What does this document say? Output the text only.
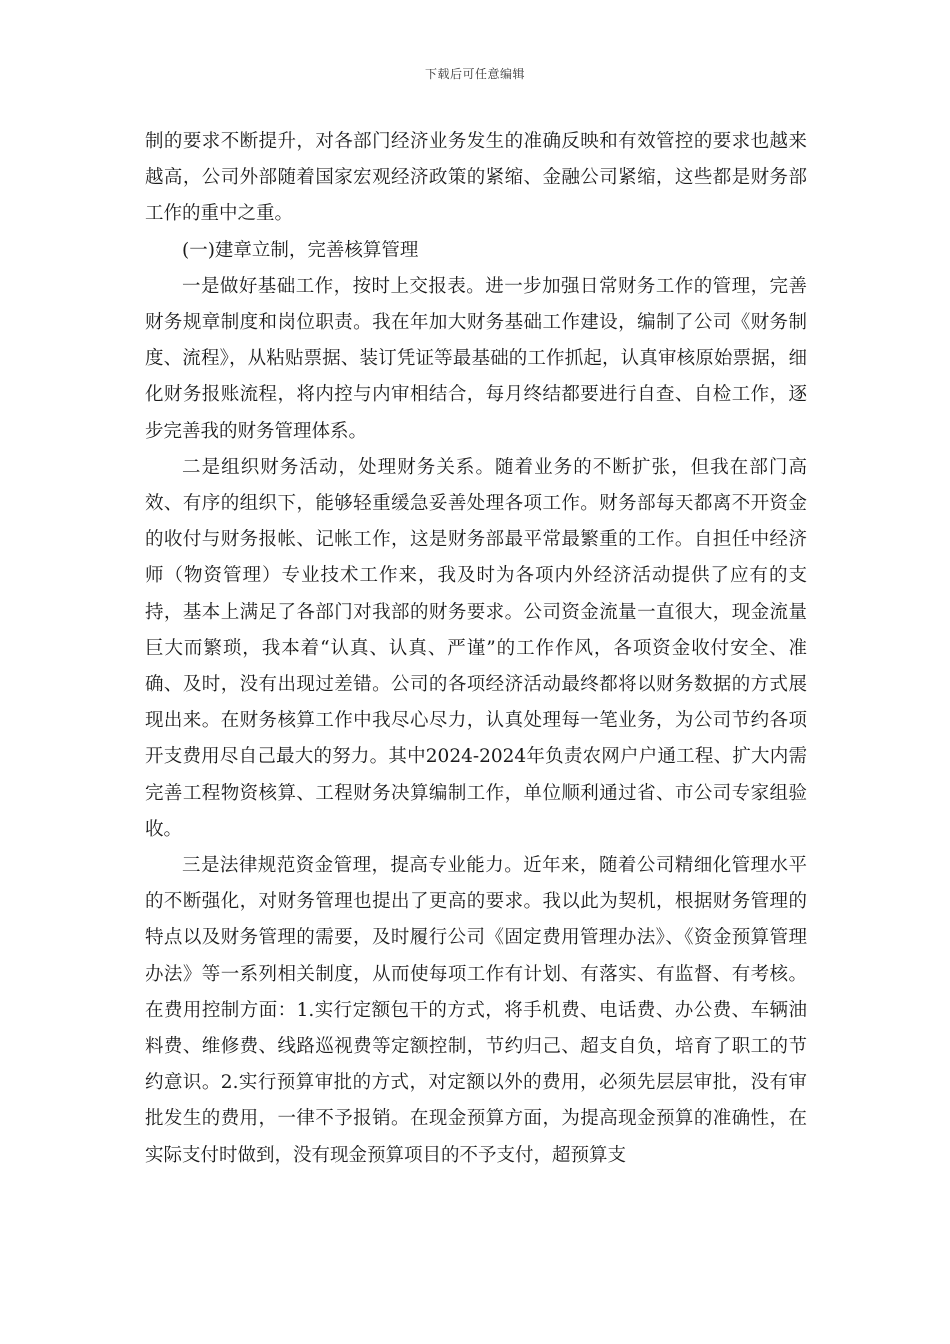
下载后可任意编辑

制的要求不断提升，对各部门经济业务发生的准确反映和有效管控的要求也越来越高，公司外部随着国家宏观经济政策的紧缩、金融公司紧缩，这些都是财务部工作的重中之重。

(一)建章立制，完善核算管理

一是做好基础工作，按时上交报表。进一步加强日常财务工作的管理，完善财务规章制度和岗位职责。我在年加大财务基础工作建设，编制了公司《财务制度、流程》，从粘贴票据、装订凭证等最基础的工作抓起，认真审核原始票据，细化财务报账流程，将内控与内审相结合，每月终结都要进行自查、自检工作，逐步完善我的财务管理体系。

二是组织财务活动，处理财务关系。随着业务的不断扩张，但我在部门高效、有序的组织下，能够轻重缓急妥善处理各项工作。财务部每天都离不开资金的收付与财务报帐、记帐工作，这是财务部最平常最繁重的工作。自担任中经济师（物资管理）专业技术工作来，我及时为各项内外经济活动提供了应有的支持，基本上满足了各部门对我部的财务要求。公司资金流量一直很大，现金流量巨大而繁琐，我本着“认真、认真、严谨”的工作作风，各项资金收付安全、准确、及时，没有出现过差错。公司的各项经济活动最终都将以财务数据的方式展现出来。在财务核算工作中我尽心尽力，认真处理每一笔业务，为公司节约各项开支费用尽自己最大的努力。其中2024-2024年负责农网户户通工程、扩大内需完善工程物资核算、工程财务决算编制工作，单位顺利通过省、市公司专家组验收。

三是法律规范资金管理，提高专业能力。近年来，随着公司精细化管理水平的不断强化，对财务管理也提出了更高的要求。我以此为契机，根据财务管理的特点以及财务管理的需要，及时履行公司《固定费用管理办法》、《资金预算管理办法》等一系列相关制度，从而使每项工作有计划、有落实、有监督、有考核。在费用控制方面：1.实行定额包干的方式，将手机费、电话费、办公费、车辆油料费、维修费、线路巡视费等定额控制，节约归己、超支自负，培育了职工的节约意识。2.实行预算审批的方式，对定额以外的费用，必须先层层审批，没有审批发生的费用，一律不予报销。在现金预算方面，为提高现金预算的准确性，在实际支付时做到，没有现金预算项目的不予支付，超预算支
